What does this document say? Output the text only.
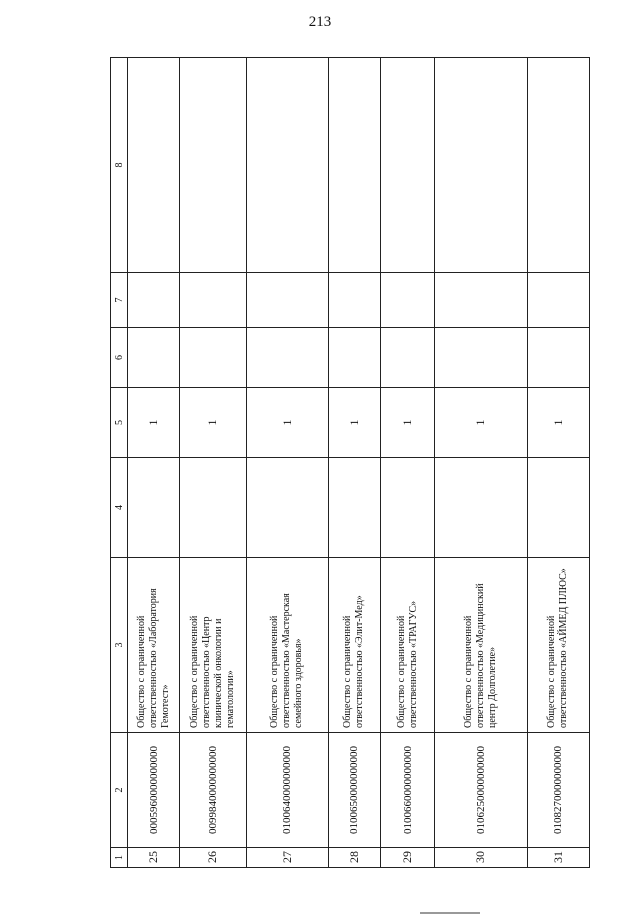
213
1	2	3	4	5	6	7	8
25	0005960000000000	Общество с ограниченной ответственностью «Лаборатория Гемотест»		1			
26	0099840000000000	Общество с ограниченной ответственностью «Центр клинической онкологии и гематологии»		1			
27	0100640000000000	Общество с ограниченной ответственностью «Мастерская семейного здоровья»		1			
28	0100650000000000	Общество с ограниченной ответственностью «Элит-Мед»		1			
29	0100660000000000	Общество с ограниченной ответственностью «ТРАГУС»		1			
30	0106250000000000	Общество с ограниченной ответственностью «Медицинский центр Долголетие»		1			
31	0108270000000000	Общество с ограниченной ответственностью «АЙМЕД ПЛЮС»		1			
